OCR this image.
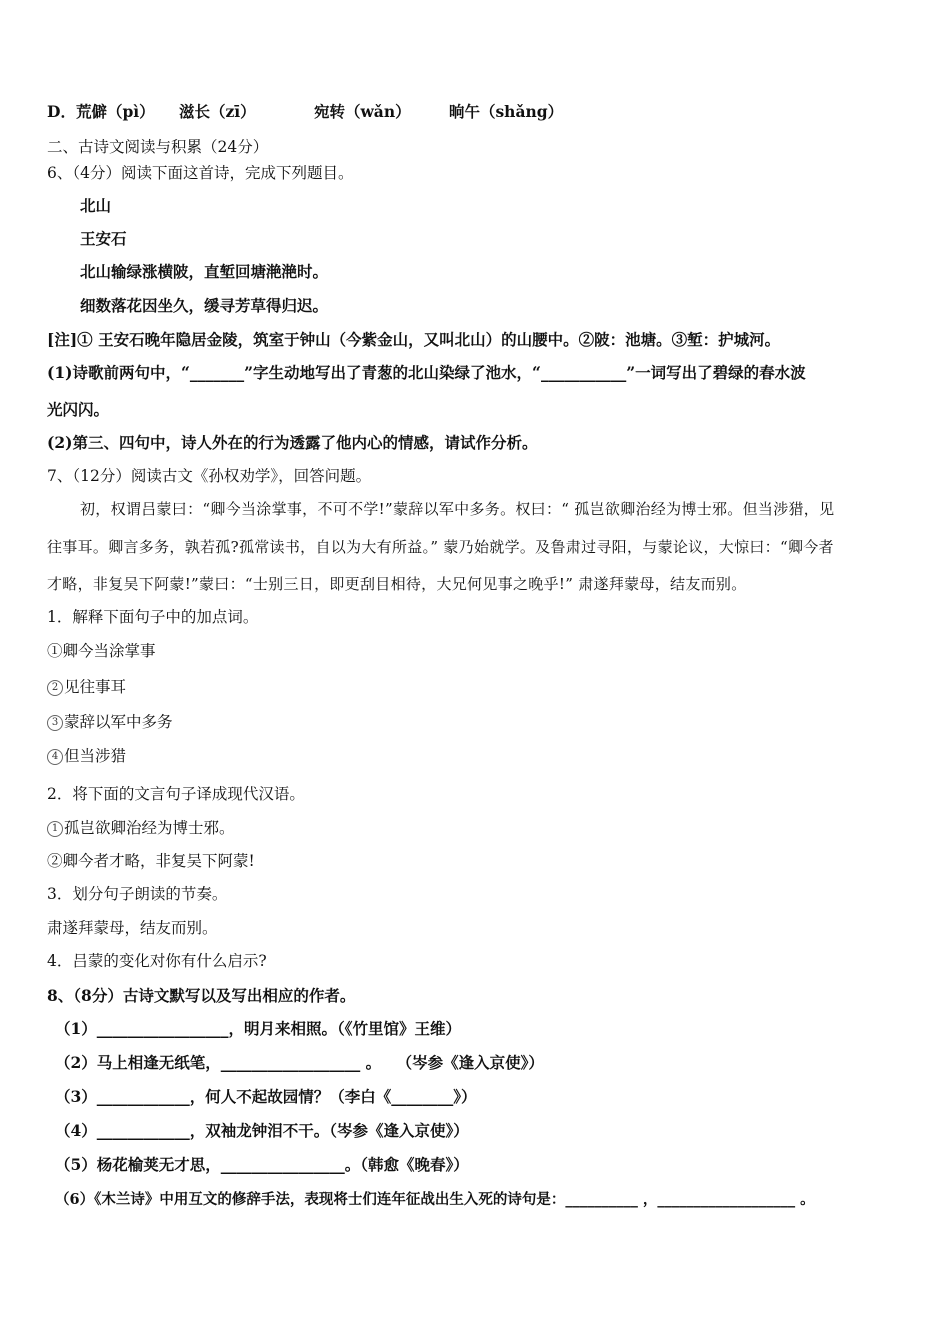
D．荒僻（pì） 滋长（zī）	宛转（wǎn） 晌午（shǎng）
二、古诗文阅读与积累（24分）
6、（4分）阅读下面这首诗，完成下列题目。
北山
王安石
北山输绿涨横陂，直堑回塘滟滟时。
细数落花因坐久，缓寻芳草得归迟。
[注]① 王安石晚年隐居金陵，筑室于钟山（今紫金山，又叫北山）的山腰中。②陂：池塘。③堑：护城河。
(1)诗歌前两句中，“_______”字生动地写出了青葱的北山染绿了池水，“___________”一词写出了碧绿的春水波
光闪闪。
(2)第三、四句中，诗人外在的行为透露了他内心的情感，请试作分析。
7、（12分）阅读古文《孙权劝学》，回答问题。
初，权谓吕蒙曰：“卿今当涂掌事，不可不学!”蒙辞以军中多务。权曰：“ 孤岂欲卿治经为博士邪。但当涉猎，见
往事耳。卿言多务，孰若孤?孤常读书，自以为大有所益。” 蒙乃始就学。及鲁肃过寻阳，与蒙论议，大惊曰：“卿今者
才略，非复吴下阿蒙!”蒙曰：“士别三日，即更刮目相待，大兄何见事之晚乎!” 肃遂拜蒙母，结友而别。
1．解释下面句子中的加点词。
①卿今当涂掌事
2 见往事耳
3 蒙辞以军中多务
4 但当涉猎
2．将下面的文言句子译成现代汉语。
1 孤岂欲卿治经为博士邪。
②卿今者才略，非复吴下阿蒙!
3．划分句子朗读的节奏。
肃遂拜蒙母，结友而别。
4．吕蒙的变化对你有什么启示?
8、（8分）古诗文默写以及写出相应的作者。
（1）_________________，明月来相照。（《竹里馆》王维）
（2）马上相逢无纸笔，__________________ 。　　（岑参《逢入京使》）
（3）____________，何人不起故园情？（李白《________》）
（4）____________，双袖龙钟泪不干。（岑参《逢入京使》）
（5）杨花榆荚无才思，________________。（韩愈《晚春》）
（6）《木兰诗》中用互文的修辞手法，表现将士们连年征战出生入死的诗句是：__________ ，___________________ 。
